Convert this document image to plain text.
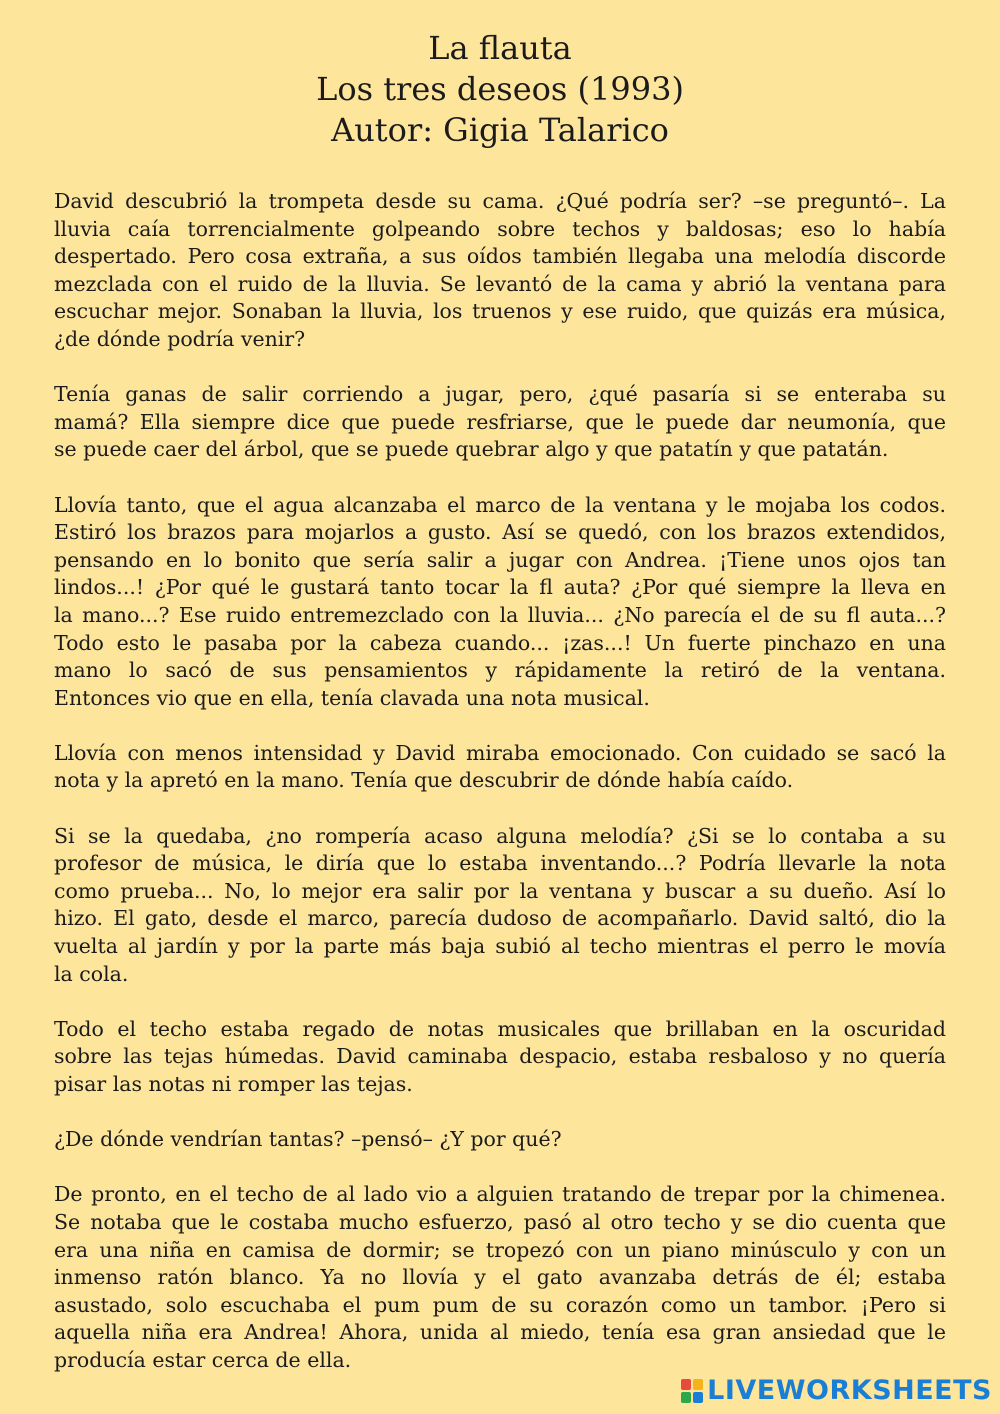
La flauta
Los tres deseos (1993)
Autor: Gigia Talarico
David descubrió la trompeta desde su cama. ¿Qué podría ser? –se preguntó–. La
lluvia caía torrencialmente golpeando sobre techos y baldosas; eso lo había
despertado. Pero cosa extraña, a sus oídos también llegaba una melodía discorde
mezclada con el ruido de la lluvia. Se levantó de la cama y abrió la ventana para
escuchar mejor. Sonaban la lluvia, los truenos y ese ruido, que quizás era música,
¿de dónde podría venir?
Tenía ganas de salir corriendo a jugar, pero, ¿qué pasaría si se enteraba su
mamá? Ella siempre dice que puede resfriarse, que le puede dar neumonía, que
se puede caer del árbol, que se puede quebrar algo y que patatín y que patatán.
Llovía tanto, que el agua alcanzaba el marco de la ventana y le mojaba los codos.
Estiró los brazos para mojarlos a gusto. Así se quedó, con los brazos extendidos,
pensando en lo bonito que sería salir a jugar con Andrea. ¡Tiene unos ojos tan
lindos...! ¿Por qué le gustará tanto tocar la fl auta? ¿Por qué siempre la lleva en
la mano...? Ese ruido entremezclado con la lluvia... ¿No parecía el de su fl auta...?
Todo esto le pasaba por la cabeza cuando... ¡zas...! Un fuerte pinchazo en una
mano lo sacó de sus pensamientos y rápidamente la retiró de la ventana.
Entonces vio que en ella, tenía clavada una nota musical.
Llovía con menos intensidad y David miraba emocionado. Con cuidado se sacó la
nota y la apretó en la mano. Tenía que descubrir de dónde había caído.
Si se la quedaba, ¿no rompería acaso alguna melodía? ¿Si se lo contaba a su
profesor de música, le diría que lo estaba inventando...? Podría llevarle la nota
como prueba... No, lo mejor era salir por la ventana y buscar a su dueño. Así lo
hizo. El gato, desde el marco, parecía dudoso de acompañarlo. David saltó, dio la
vuelta al jardín y por la parte más baja subió al techo mientras el perro le movía
la cola.
Todo el techo estaba regado de notas musicales que brillaban en la oscuridad
sobre las tejas húmedas. David caminaba despacio, estaba resbaloso y no quería
pisar las notas ni romper las tejas.
¿De dónde vendrían tantas? –pensó– ¿Y por qué?
De pronto, en el techo de al lado vio a alguien tratando de trepar por la chimenea.
Se notaba que le costaba mucho esfuerzo, pasó al otro techo y se dio cuenta que
era una niña en camisa de dormir; se tropezó con un piano minúsculo y con un
inmenso ratón blanco. Ya no llovía y el gato avanzaba detrás de él; estaba
asustado, solo escuchaba el pum pum de su corazón como un tambor. ¡Pero si
aquella niña era Andrea! Ahora, unida al miedo, tenía esa gran ansiedad que le
producía estar cerca de ella.
LIVEWORKSHEETS
